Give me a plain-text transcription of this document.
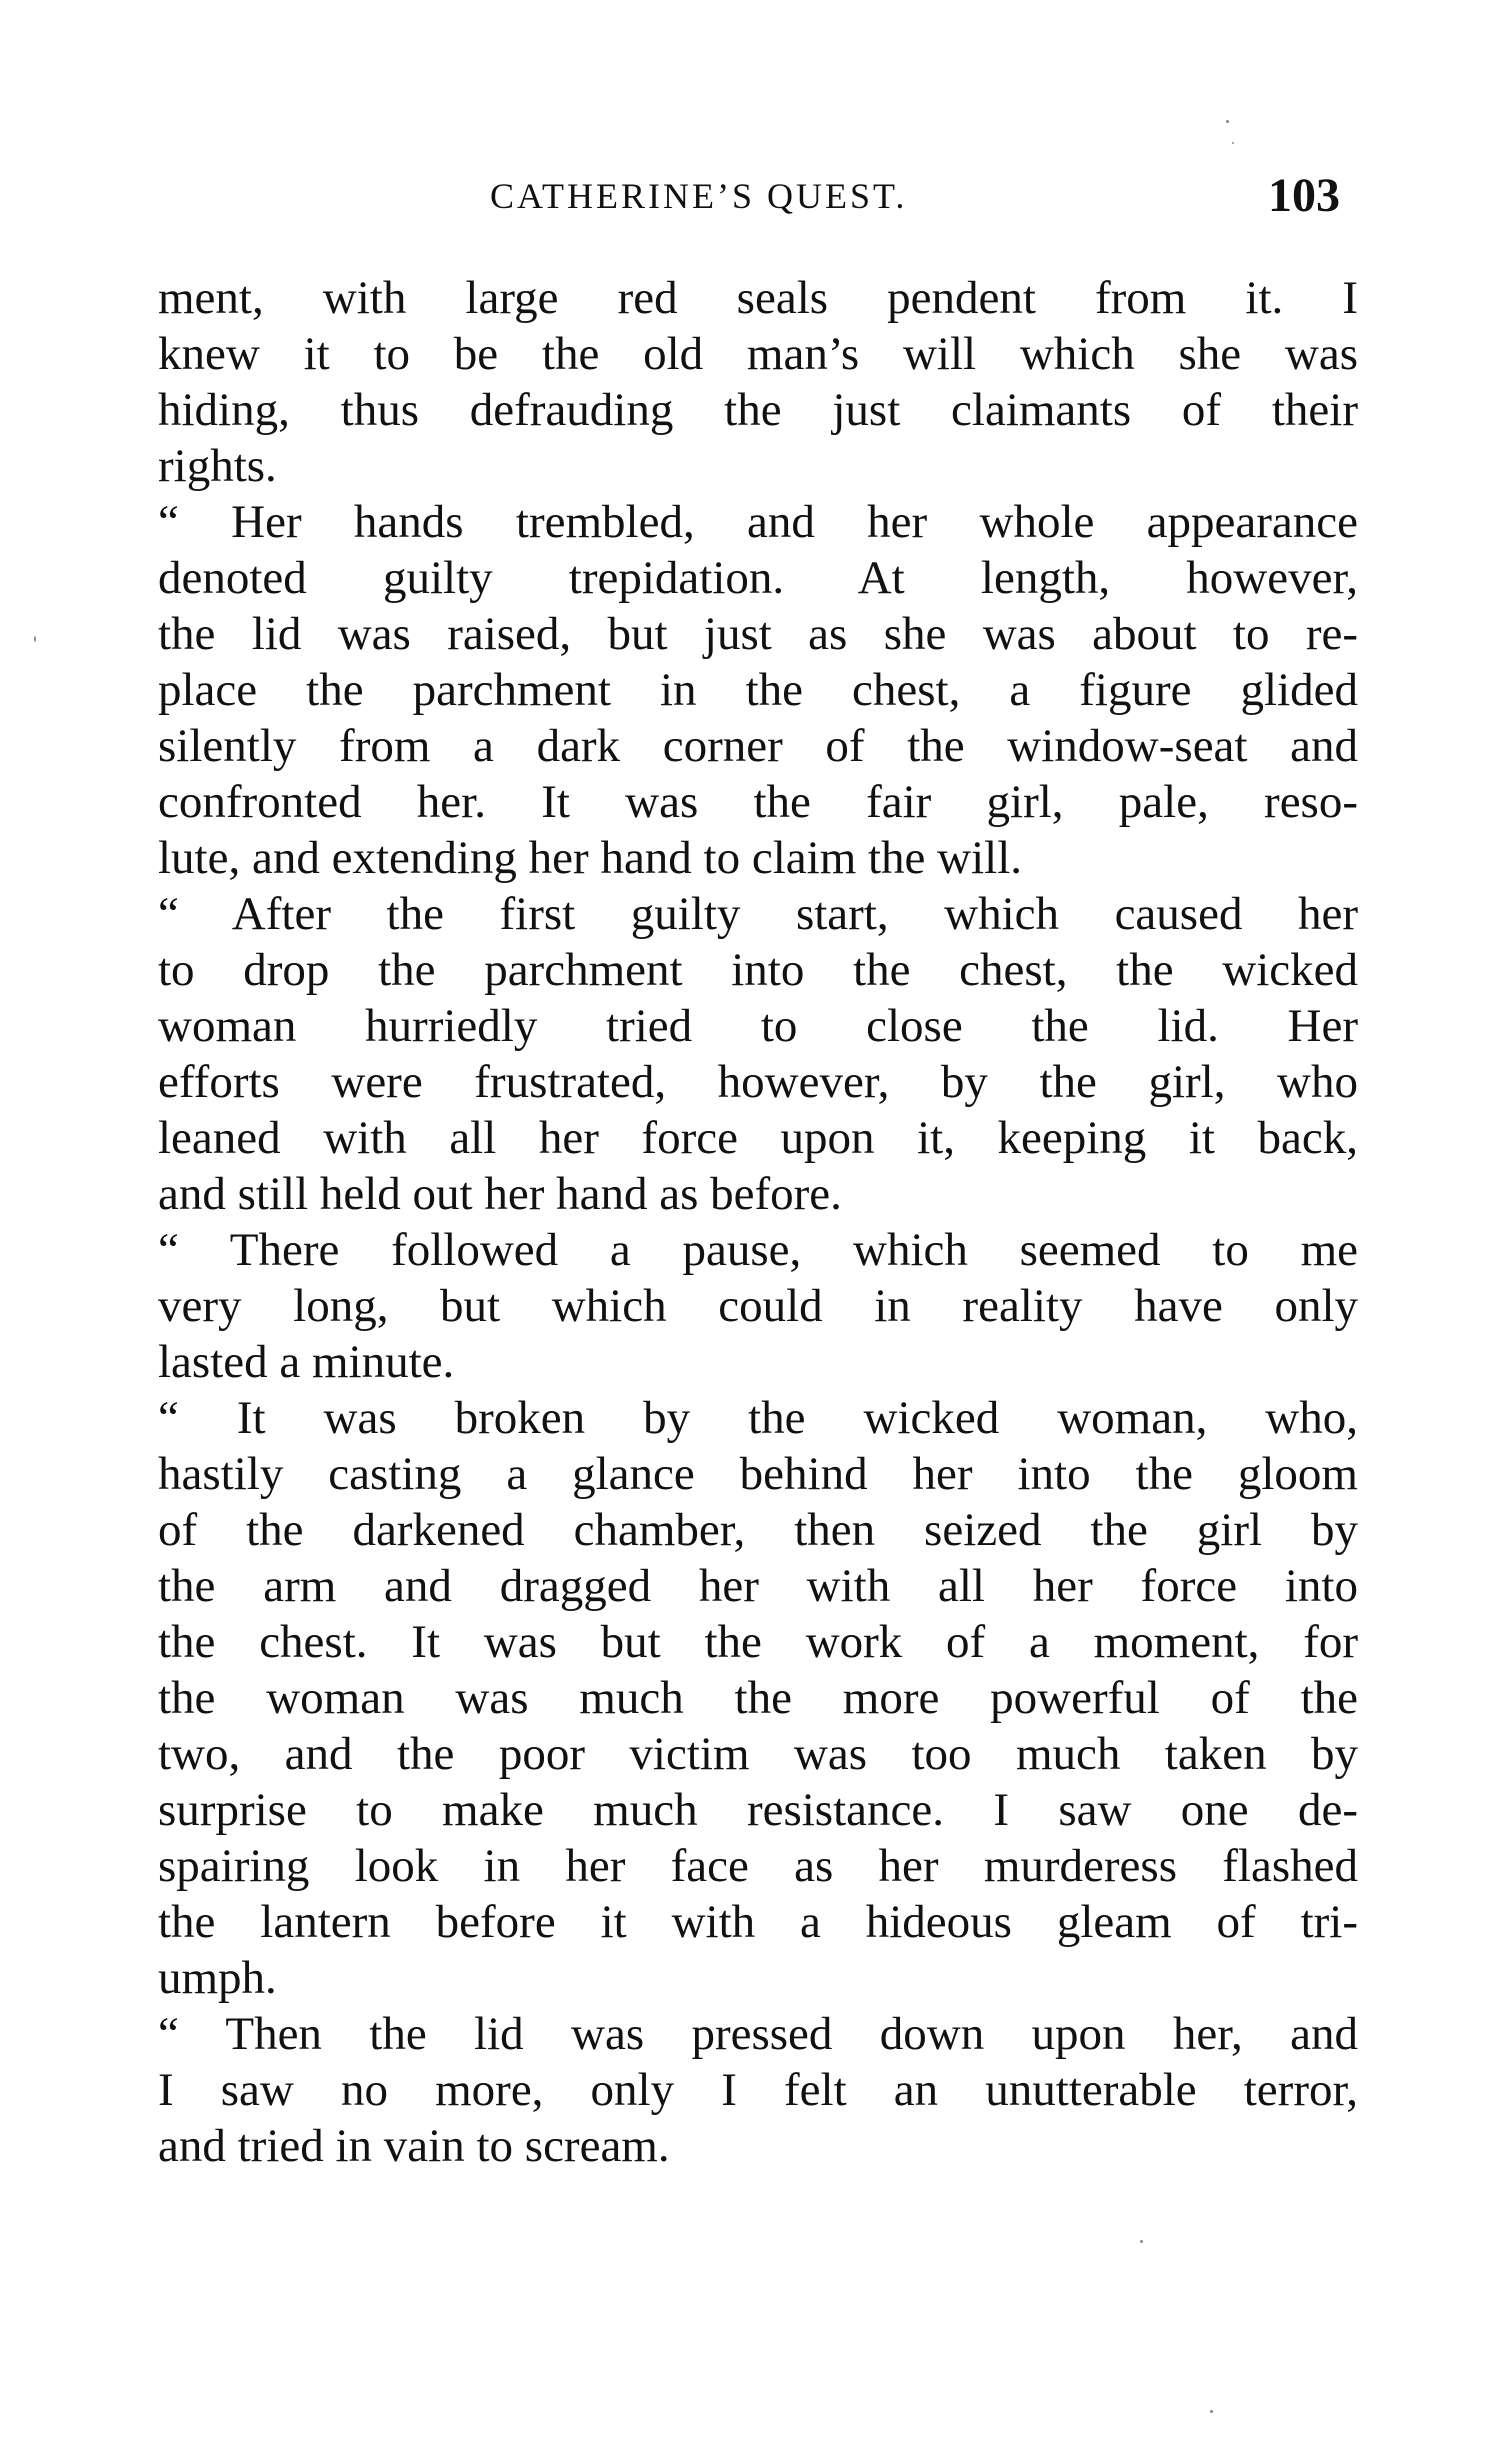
CATHERINE’S QUEST.	103
ment, with large red seals pendent from it. I
knew it to be the old man’s will which she was
hiding, thus defrauding the just claimants of their
rights.
“ Her hands trembled, and her whole appearance
denoted guilty trepidation. At length, however,
the lid was raised, but just as she was about to re-
place the parchment in the chest, a figure glided
silently from a dark corner of the window-seat and
confronted her. It was the fair girl, pale, reso-
lute, and extending her hand to claim the will.
“ After the first guilty start, which caused her
to drop the parchment into the chest, the wicked
woman hurriedly tried to close the lid. Her
efforts were frustrated, however, by the girl, who
leaned with all her force upon it, keeping it back,
and still held out her hand as before.
“ There followed a pause, which seemed to me
very long, but which could in reality have only
lasted a minute.
“ It was broken by the wicked woman, who,
hastily casting a glance behind her into the gloom
of the darkened chamber, then seized the girl by
the arm and dragged her with all her force into
the chest. It was but the work of a moment, for
the woman was much the more powerful of the
two, and the poor victim was too much taken by
surprise to make much resistance. I saw one de-
spairing look in her face as her murderess flashed
the lantern before it with a hideous gleam of tri-
umph.
“ Then the lid was pressed down upon her, and
I saw no more, only I felt an unutterable terror,
and tried in vain to scream.
